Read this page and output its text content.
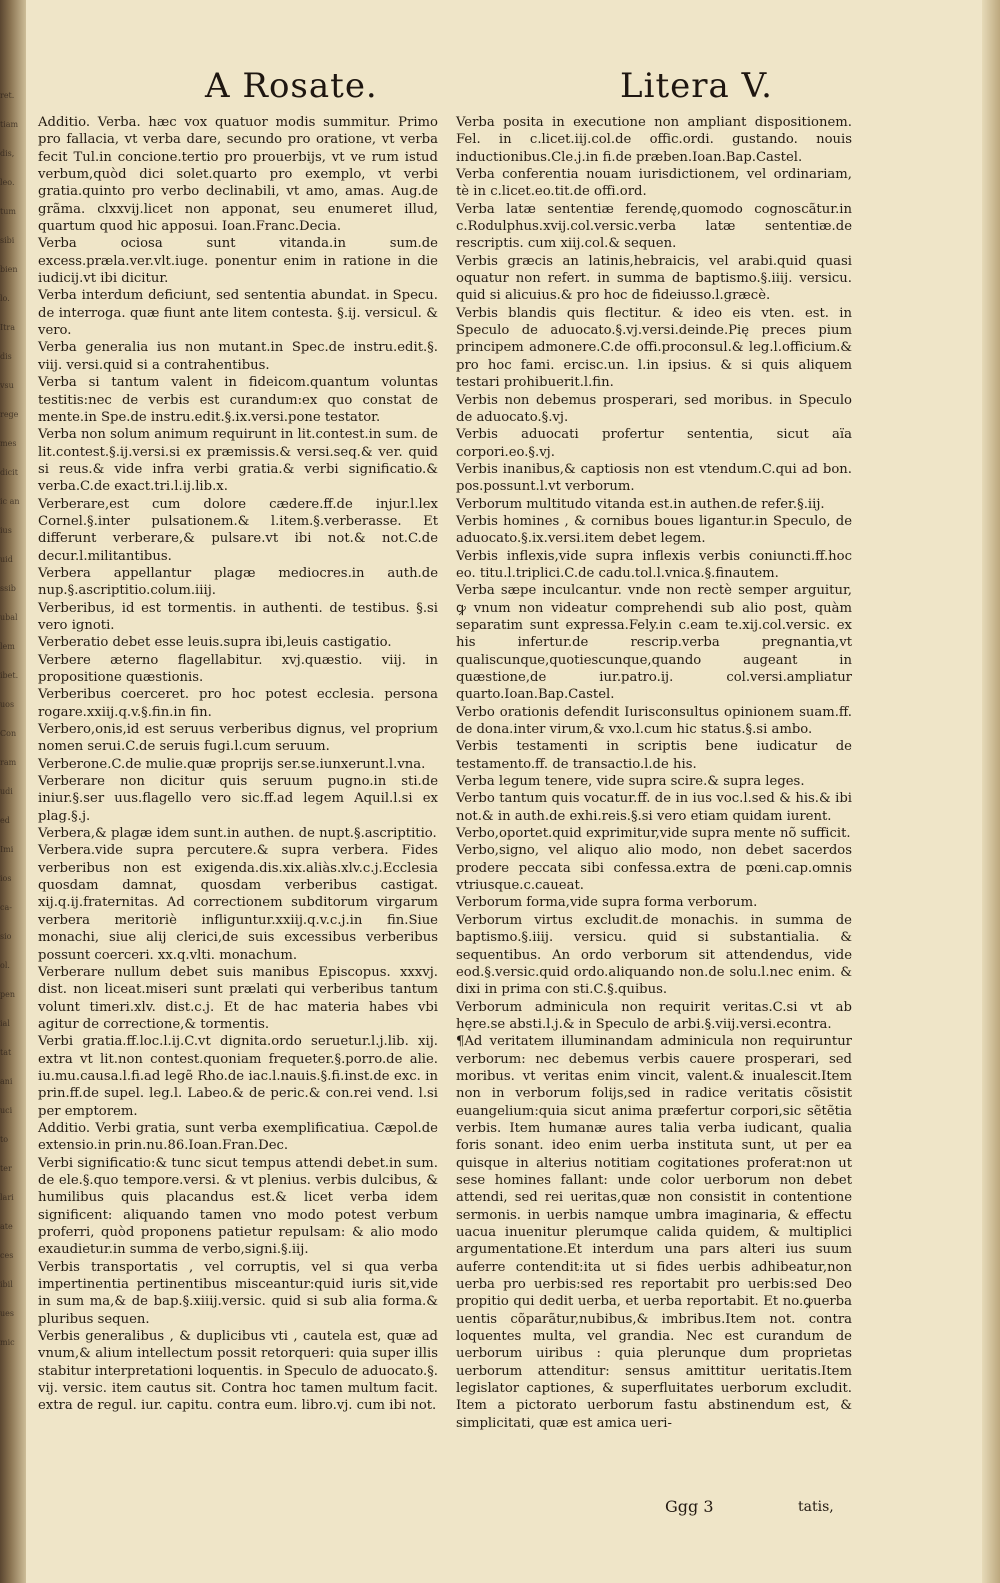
ret.
tiam
dis,
leo.
tum
sibi
bien
lo.
Itra
dis
vsu
rege
mes
dicit
ic an
ius
uid
ssib
ubal
lem
ibet.
uos
Con
ram
udi
ed
Imi
ios
ca-
sio
ol.
pen
ial
tat
ani
uci
to
ter
lari
ate
ces
ibil
ues
mic
A Rosate.	Litera V.

Additio. Verba. hæc vox quatuor modis summitur. Primo pro fallacia, vt verba dare, secundo pro oratione, vt verba fecit Tul.in concione.tertio pro prouerbijs, vt ve rum istud verbum,quòd dici solet.quarto pro exemplo, vt verbi gratia.quinto pro verbo declinabili, vt amo, amas. Aug.de grãma. clxxvij.licet non apponat, seu enumeret illud, quartum quod hic apposui. Ioan.Franc.Decia.

Verba ociosa sunt vitanda.in sum.de excess.præla.ver.vlt.iuge. ponentur enim in ratione in die iudicij.vt ibi dicitur.

Verba interdum deficiunt, sed sententia abundat. in Specu. de interroga. quæ fiunt ante litem contesta. §.ij. versicul. & vero.

Verba generalia ius non mutant.in Spec.de instru.edit.§. viij. versi.quid si a contrahentibus.

Verba si tantum valent in fideicom.quantum voluntas testitis:nec de verbis est curandum:ex quo constat de mente.in Spe.de instru.edit.§.ix.versi.pone testator.

Verba non solum animum requirunt in lit.contest.in sum. de lit.contest.§.ij.versi.si ex præmissis.& versi.seq.& ver. quid si reus.& vide infra verbi gratia.& verbi significatio.& verba.C.de exact.tri.l.ij.lib.x.

Verberare,est cum dolore cædere.ff.de injur.l.lex Cornel.§.inter pulsationem.& l.item.§.verberasse. Et differunt verberare,& pulsare.vt ibi not.& not.C.de decur.l.militantibus.

Verbera appellantur plagæ mediocres.in auth.de nup.§.ascriptitio.colum.iiij.

Verberibus, id est tormentis. in authenti. de testibus. §.si vero ignoti.

Verberatio debet esse leuis.supra ibi,leuis castigatio.

Verbere æterno flagellabitur. xvj.quæstio. viij. in propositione quæstionis.

Verberibus coerceret. pro hoc potest ecclesia. persona rogare.xxiij.q.v.§.fin.in fin.

Verbero,onis,id est seruus verberibus dignus, vel proprium nomen serui.C.de seruis fugi.l.cum seruum.

Verberone.C.de mulie.quæ proprijs ser.se.iunxerunt.l.vna.

Verberare non dicitur quis seruum pugno.in sti.de iniur.§.ser uus.flagello vero sic.ff.ad legem Aquil.l.si ex plag.§.j.

Verbera,& plagæ idem sunt.in authen. de nupt.§.ascriptitio.

Verbera.vide supra percutere.& supra verbera. Fides verberibus non est exigenda.dis.xix.aliàs.xlv.c.j.Ecclesia quosdam damnat, quosdam verberibus castigat. xij.q.ij.fraternitas. Ad correctionem subditorum virgarum verbera meritoriè infliguntur.xxiij.q.v.c.j.in fin.Siue monachi, siue alij clerici,de suis excessibus verberibus possunt coerceri. xx.q.vlti. monachum.

Verberare nullum debet suis manibus Episcopus. xxxvj. dist. non liceat.miseri sunt prælati qui verberibus tantum volunt timeri.xlv. dist.c.j. Et de hac materia habes vbi agitur de correctione,& tormentis.

Verbi gratia.ff.loc.l.ij.C.vt dignita.ordo seruetur.l.j.lib. xij. extra vt lit.non contest.quoniam frequeter.§.porro.de alie. iu.mu.causa.l.fi.ad legẽ Rho.de iac.l.nauis.§.fi.inst.de exc. in prin.ff.de supel. leg.l. Labeo.& de peric.& con.rei vend. l.si per emptorem.

Additio. Verbi gratia, sunt verba exemplificatiua. Cæpol.de extensio.in prin.nu.86.Ioan.Fran.Dec.

Verbi significatio:& tunc sicut tempus attendi debet.in sum. de ele.§.quo tempore.versi. & vt plenius. verbis dulcibus, & humilibus quis placandus est.& licet verba idem significent: aliquando tamen vno modo potest verbum proferri, quòd proponens patietur repulsam: & alio modo exaudietur.in summa de verbo,signi.§.iij.

Verbis transportatis , vel corruptis, vel si qua verba impertinentia pertinentibus misceantur:quid iuris sit,vide in sum ma,& de bap.§.xiiij.versic. quid si sub alia forma.& pluribus sequen.

Verbis generalibus , & duplicibus vti , cautela est, quæ ad vnum,& alium intellectum possit retorqueri: quia super illis stabitur interpretationi loquentis. in Speculo de aduocato.§. vij. versic. item cautus sit. Contra hoc tamen multum facit. extra de regul. iur. capitu. contra eum. libro.vj. cum ibi not.

Verba posita in executione non ampliant dispositionem. Fel. in c.licet.iij.col.de offic.ordi. gustando. nouis inductionibus.Cle.j.in fi.de præben.Ioan.Bap.Castel.

Verba conferentia nouam iurisdictionem, vel ordinariam, tè in c.licet.eo.tit.de offi.ord.

Verba latæ sententiæ ferendę,quomodo cognoscãtur.in c.Rodulphus.xvij.col.versic.verba latæ sententiæ.de rescriptis. cum xiij.col.& sequen.

Verbis græcis an latinis,hebraicis, vel arabi.quid quasi oquatur non refert. in summa de baptismo.§.iiij. versicu. quid si alicuius.& pro hoc de fideiusso.l.græcè.

Verbis blandis quis flectitur. & ideo eis vten. est. in Speculo de aduocato.§.vj.versi.deinde.Pię preces pium principem admonere.C.de offi.proconsul.& leg.l.officium.& pro hoc fami. ercisc.un. l.in ipsius. & si quis aliquem testari prohibuerit.l.fin.

Verbis non debemus prosperari, sed moribus. in Speculo de aduocato.§.vj.

Verbis aduocati profertur sententia, sicut aïa corpori.eo.§.vj.

Verbis inanibus,& captiosis non est vtendum.C.qui ad bon. pos.possunt.l.vt verborum.

Verborum multitudo vitanda est.in authen.de refer.§.iij.

Verbis homines , & cornibus boues ligantur.in Speculo, de aduocato.§.ix.versi.item debet legem.

Verbis inflexis,vide supra inflexis verbis coniuncti.ff.hoc eo. titu.l.triplici.C.de cadu.tol.l.vnica.§.finautem.

Verba sæpe inculcantur. vnde non rectè semper arguitur, ꝙ vnum non videatur comprehendi sub alio post, quàm separatim sunt expressa.Fely.in c.eam te.xij.col.versic. ex his infertur.de rescrip.verba pregnantia,vt qualiscunque,quotiescunque,quando augeant in quæstione,de iur.patro.ij. col.versi.ampliatur quarto.Ioan.Bap.Castel.

Verbo orationis defendit Iurisconsultus opinionem suam.ff. de dona.inter virum,& vxo.l.cum hic status.§.si ambo.

Verbis testamenti in scriptis bene iudicatur de testamento.ff. de transactio.l.de his.

Verba legum tenere, vide supra scire.& supra leges.

Verbo tantum quis vocatur.ff. de in ius voc.l.sed & his.& ibi not.& in auth.de exhi.reis.§.si vero etiam quidam iurent.

Verbo,oportet.quid exprimitur,vide supra mente nõ sufficit.

Verbo,signo, vel aliquo alio modo, non debet sacerdos prodere peccata sibi confessa.extra de pœni.cap.omnis vtriusque.c.caueat.

Verborum forma,vide supra forma verborum.

Verborum virtus excludit.de monachis. in summa de baptismo.§.iiij. versicu. quid si substantialia. & sequentibus. An ordo verborum sit attendendus, vide eod.§.versic.quid ordo.aliquando non.de solu.l.nec enim. & dixi in prima con sti.C.§.quibus.

Verborum adminicula non requirit veritas.C.si vt ab hęre.se absti.l.j.& in Speculo de arbi.§.viij.versi.econtra.

¶Ad veritatem illuminandam adminicula non requiruntur verborum: nec debemus verbis cauere prosperari, sed moribus. vt veritas enim vincit, valent.& inualescit.Item non in verborum folijs,sed in radice veritatis cõsistit euangelium:quia sicut anima præfertur corpori,sic sẽtẽtia verbis. Item humanæ aures talia verba iudicant, qualia foris sonant. ideo enim uerba instituta sunt, ut per ea quisque in alterius notitiam cogitationes proferat:non ut sese homines fallant: unde color uerborum non debet attendi, sed rei ueritas,quæ non consistit in contentione sermonis. in uerbis namque umbra imaginaria, & effectu uacua inuenitur plerumque calida quidem, & multiplici argumentatione.Et interdum una pars alteri ius suum auferre contendit:ita ut si fides uerbis adhibeatur,non uerba pro uerbis:sed res reportabit pro uerbis:sed Deo propitio qui dedit uerba, et uerba reportabit. Et no.ꝙuerba uentis cõparãtur,nubibus,& imbribus.Item not. contra loquentes multa, vel grandia. Nec est curandum de uerborum uiribus : quia plerunque dum proprietas uerborum attenditur: sensus amittitur ueritatis.Item legislator captiones, & superfluitates uerborum excludit. Item a pictorato uerborum fastu abstinendum est, & simplicitati, quæ est amica ueri-

Ggg 3	tatis,
